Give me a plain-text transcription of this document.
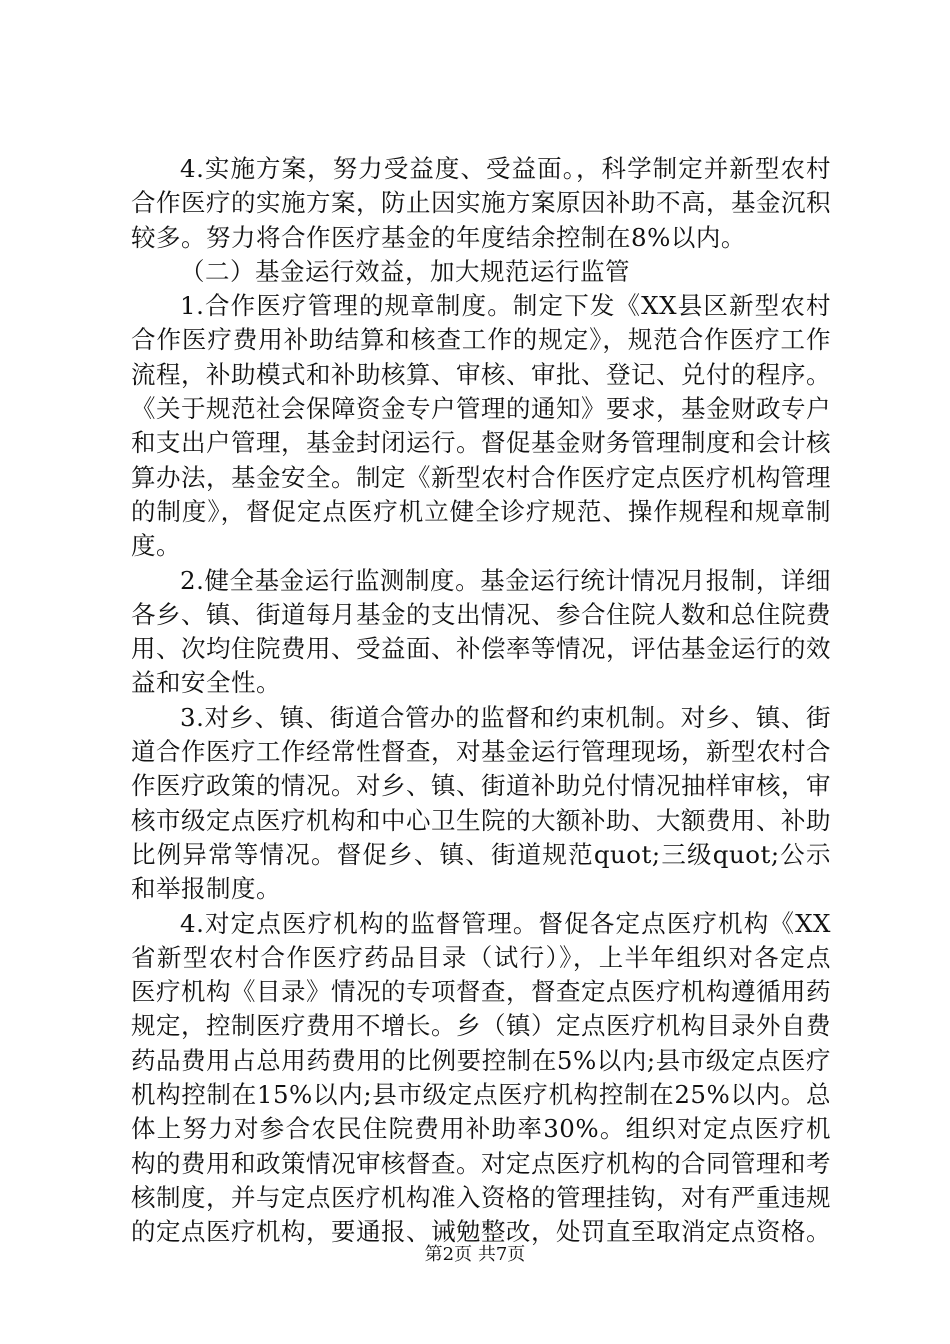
4.实施方案，努力受益度、受益面。，科学制定并新型农村合作医疗的实施方案，防止因实施方案原因补助不高，基金沉积较多。努力将合作医疗基金的年度结余控制在8%以内。

（二）基金运行效益，加大规范运行监管

1.合作医疗管理的规章制度。制定下发《XX县区新型农村合作医疗费用补助结算和核查工作的规定》，规范合作医疗工作流程，补助模式和补助核算、审核、审批、登记、兑付的程序。《关于规范社会保障资金专户管理的通知》要求，基金财政专户和支出户管理，基金封闭运行。督促基金财务管理制度和会计核算办法，基金安全。制定《新型农村合作医疗定点医疗机构管理的制度》，督促定点医疗机立健全诊疗规范、操作规程和规章制度。

2.健全基金运行监测制度。基金运行统计情况月报制，详细各乡、镇、街道每月基金的支出情况、参合住院人数和总住院费用、次均住院费用、受益面、补偿率等情况，评估基金运行的效益和安全性。

3.对乡、镇、街道合管办的监督和约束机制。对乡、镇、街道合作医疗工作经常性督查，对基金运行管理现场，新型农村合作医疗政策的情况。对乡、镇、街道补助兑付情况抽样审核，审核市级定点医疗机构和中心卫生院的大额补助、大额费用、补助比例异常等情况。督促乡、镇、街道规范quot;三级quot;公示和举报制度。

4.对定点医疗机构的监督管理。督促各定点医疗机构《XX省新型农村合作医疗药品目录（试行）》，上半年组织对各定点医疗机构《目录》情况的专项督查，督查定点医疗机构遵循用药规定，控制医疗费用不增长。乡（镇）定点医疗机构目录外自费药品费用占总用药费用的比例要控制在5%以内;县市级定点医疗机构控制在15%以内;县市级定点医疗机构控制在25%以内。总体上努力对参合农民住院费用补助率30%。组织对定点医疗机构的费用和政策情况审核督查。对定点医疗机构的合同管理和考核制度，并与定点医疗机构准入资格的管理挂钩，对有严重违规的定点医疗机构，要通报、诫勉整改，处罚直至取消定点资格。

第2页 共7页
